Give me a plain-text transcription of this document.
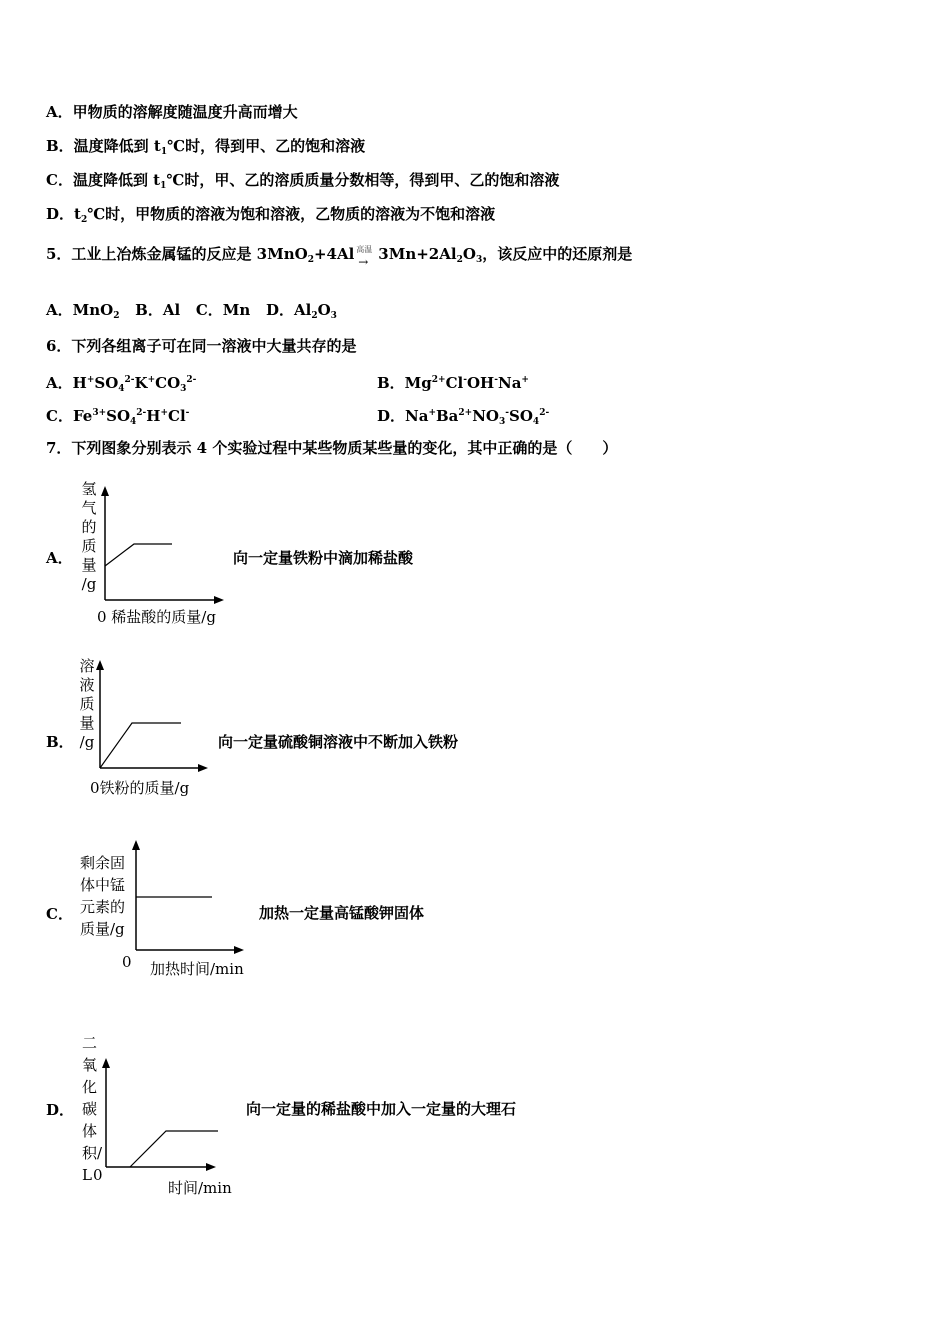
A．甲物质的溶解度随温度升高而增大
B．温度降低到 $t_1℃$时，得到甲、乙的饱和溶液
C．温度降低到 $t_1℃$时，甲、乙的溶质质量分数相等，得到甲、乙的饱和溶液
D．$t_2℃$时，甲物质的溶液为饱和溶液，乙物质的溶液为不饱和溶液
5．工业上冶炼金属锰的反应是 3MnO$_2$+4Al 高温
→ $3Mn+2Al_2O_3$，该反应中的还原剂是
A．MnO$_2$ B．Al C．Mn D．$Al_2O_3$
6．下列各组离子可在同一溶液中大量共存的是
A．$H^+SO_4^{2-}K^+CO_3^{2-}$	B．$Mg^{2+}Cl^-OH^-Na^+$
C．$Fe^{3+}SO_4^{2-}H^+Cl^-$	D．$Na^+Ba^{2+}NO_3^-SO_4^{2-}$
7．下列图象分别表示 4 个实验过程中某些物质某些量的变化，其中正确的是（　　）
A．
氢
气
的
质
量
/g
0 稀盐酸的质量/g
向一定量铁粉中滴加稀盐酸
B．
溶
液
质
量
/g
0铁粉的质量/g
向一定量硫酸铜溶液中不断加入铁粉
C．
剩余固
体中锰
元素的
质量/g
0 加热时间/min
加热一定量高锰酸钾固体
D．
二
氧
化
碳
体
积/
L 0
时间/min
向一定量的稀盐酸中加入一定量的大理石
